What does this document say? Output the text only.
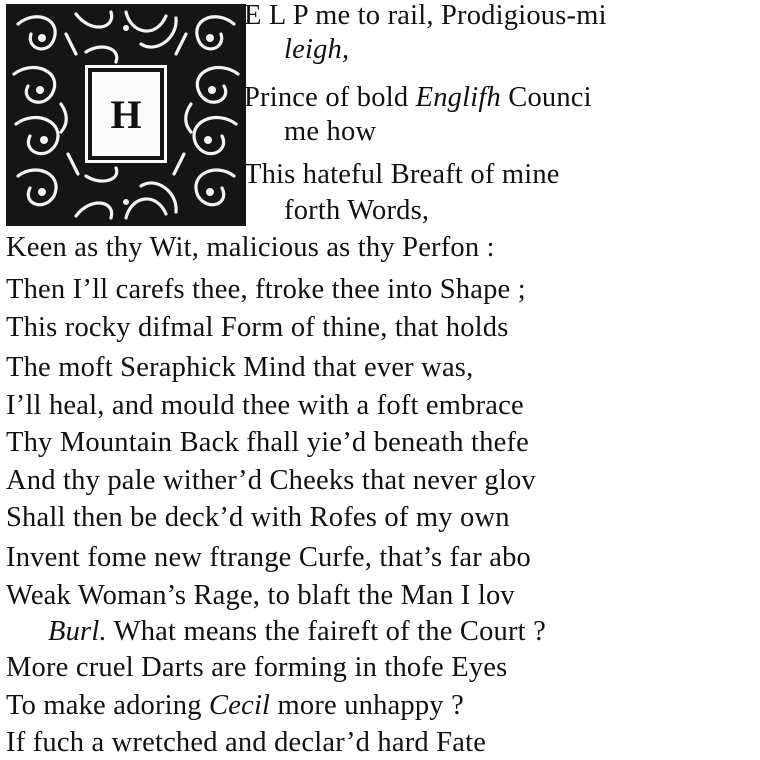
H
E L P me to rail, Prodigious-mi
leigh,
Prince of bold Englifh Counci
me how
This hateful Breaft of mine
forth Words,
Keen as thy Wit, malicious as thy Perfon :
Then I’ll carefs thee, ftroke thee into Shape ;
This rocky difmal Form of thine, that holds
The moft Seraphick Mind that ever was,
I’ll heal, and mould thee with a foft embrace
Thy Mountain Back fhall yie’d beneath thefe
And thy pale wither’d Cheeks that never glov
Shall then be deck’d with Rofes of my own
Invent fome new ftrange Curfe, that’s far abo
Weak Woman’s Rage, to blaft the Man I lov
Burl. What means the faireft of the Court ?
More cruel Darts are forming in thofe Eyes
To make adoring Cecil more unhappy ?
If fuch a wretched and declar’d hard Fate
